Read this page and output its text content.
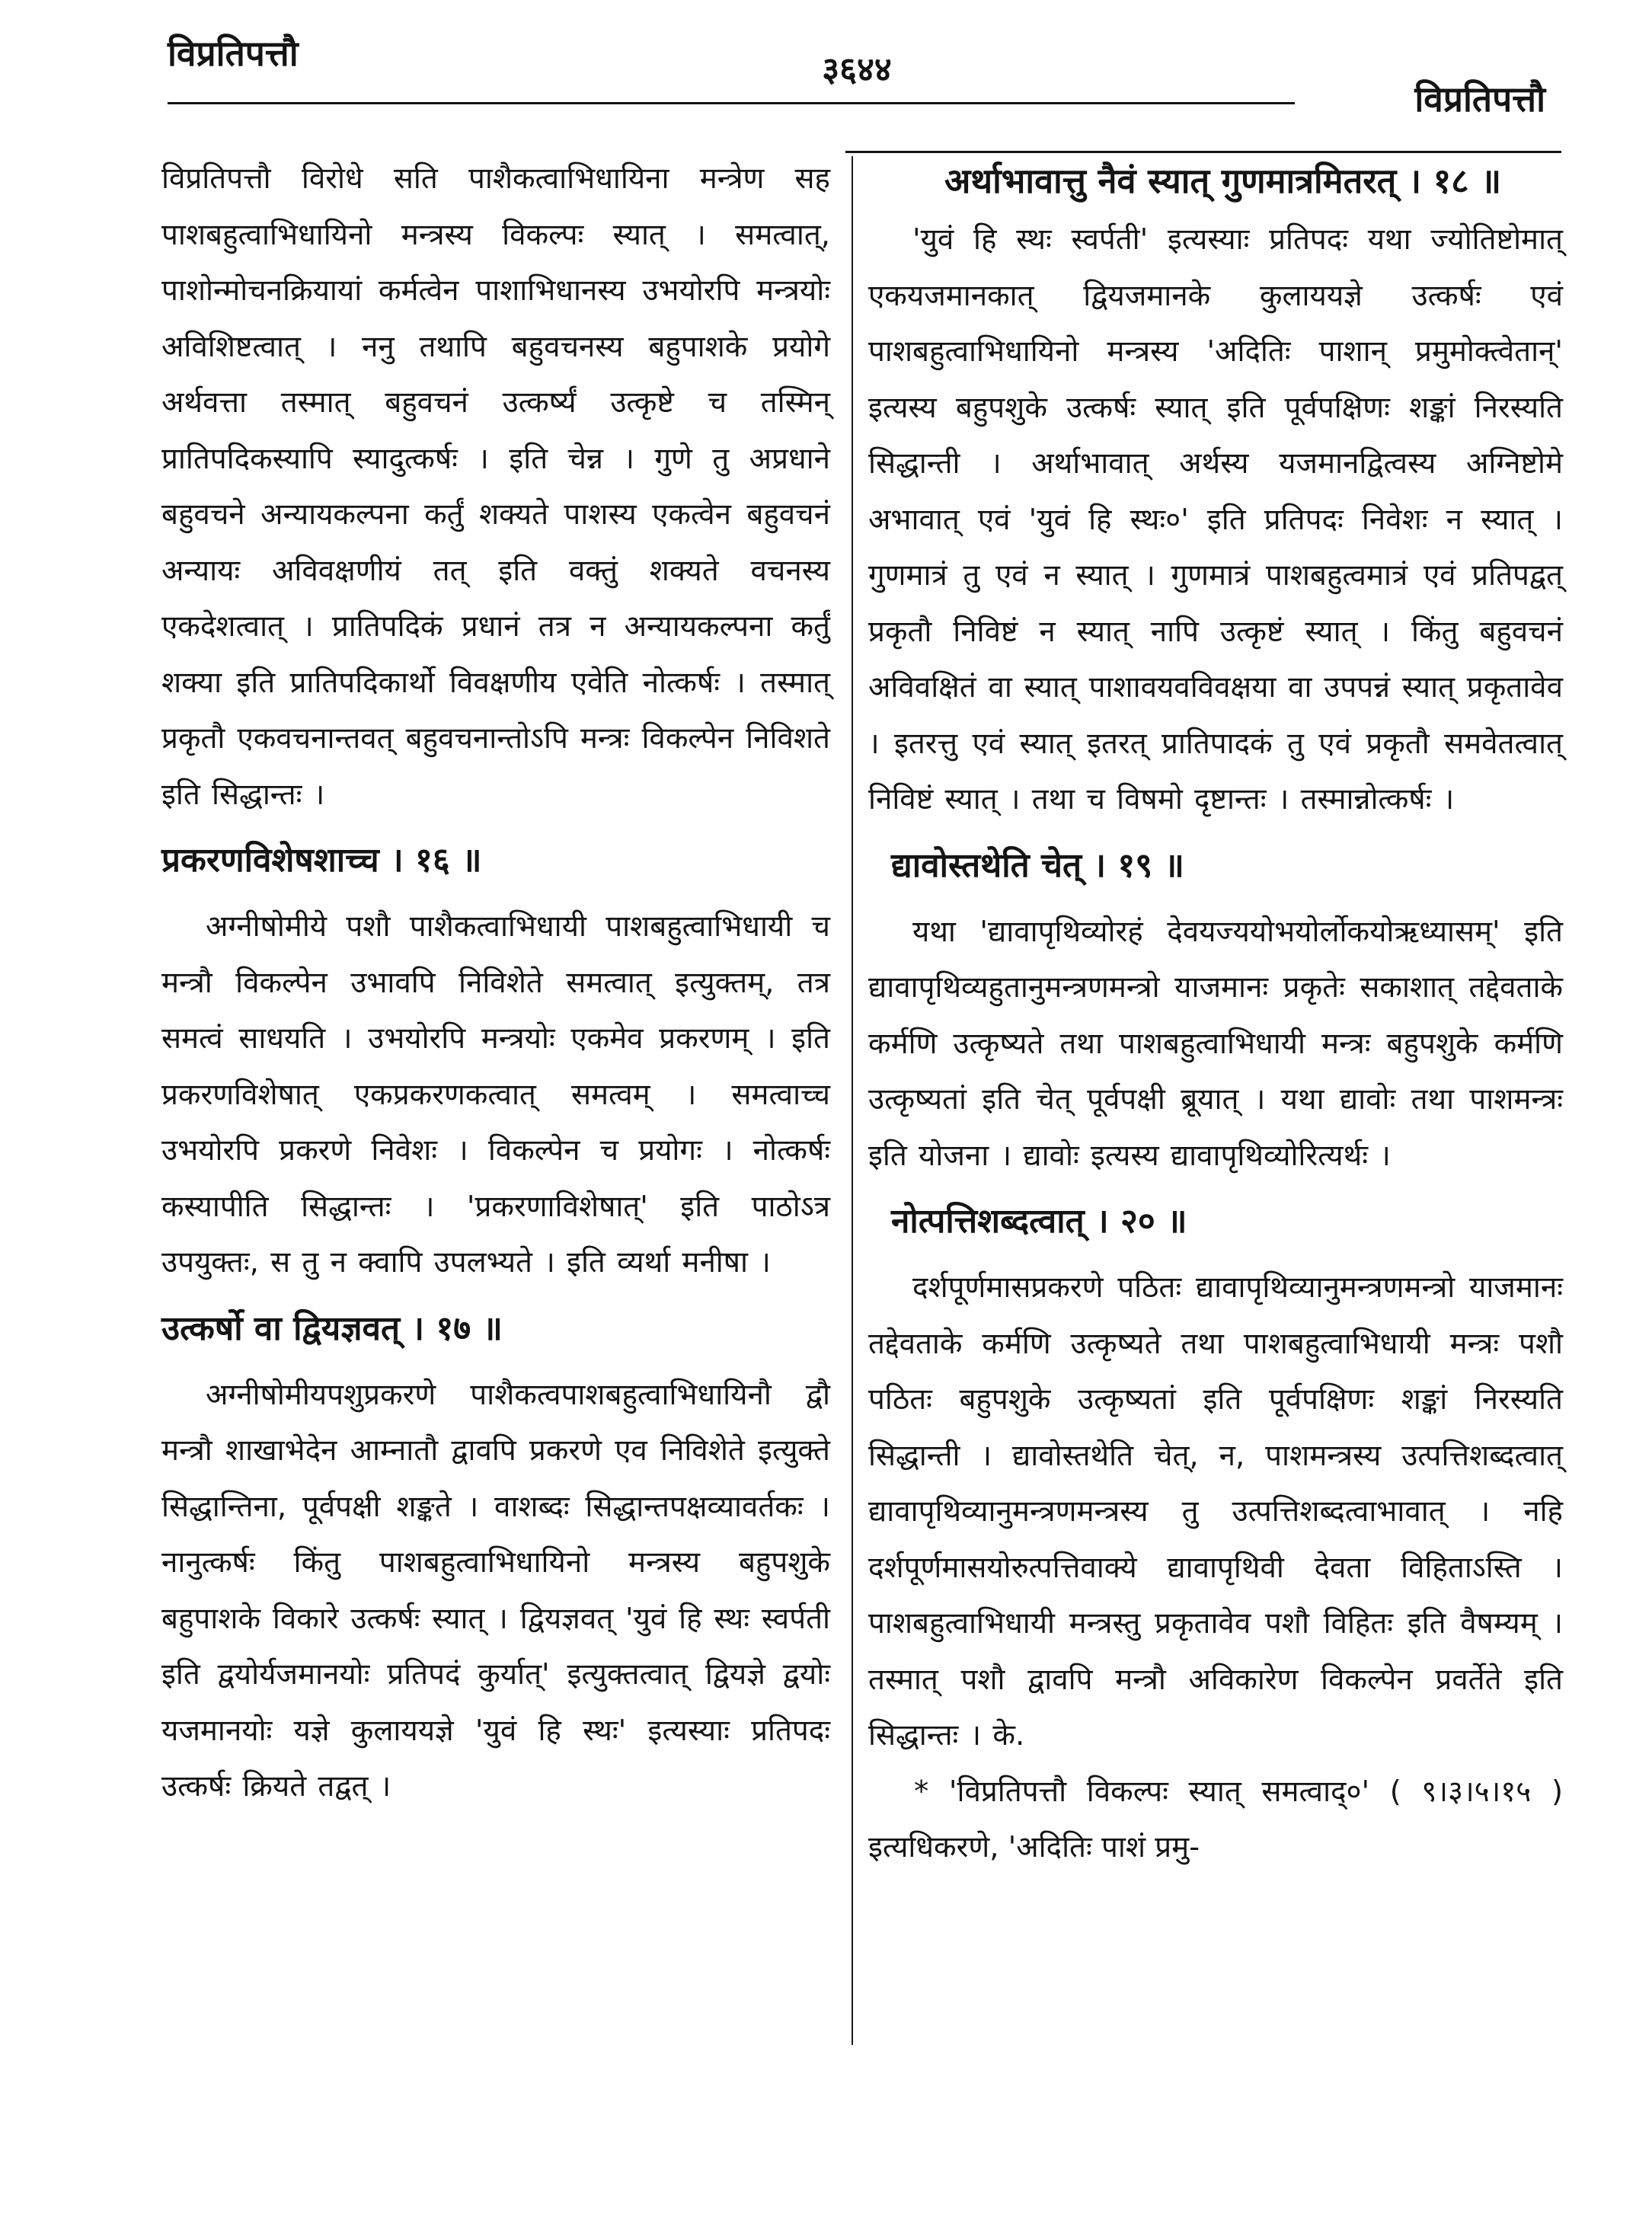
विप्रतिपत्तौ	३६४४
विप्रतिपत्तौ

विप्रतिपत्तौ विरोधे सति पाशैकत्वाभिधायिना मन्त्रेण सह पाशबहुत्वाभिधायिनो मन्त्रस्य विकल्पः स्यात् । समत्वात्, पाशोन्मोचनक्रियायां कर्मत्वेन पाशाभिधानस्य उभयोरपि मन्त्रयोः अविशिष्टत्वात् । ननु तथापि बहुवचनस्य बहुपाशके प्रयोगे अर्थवत्ता तस्मात् बहुवचनं उत्कर्ष्यं उत्कृष्टे च तस्मिन् प्रातिपदिकस्यापि स्यादुत्कर्षः । इति चेन्न । गुणे तु अप्रधाने बहुवचने अन्यायकल्पना कर्तुं शक्यते पाशस्य एकत्वेन बहुवचनं अन्यायः अविवक्षणीयं तत् इति वक्तुं शक्यते वचनस्य एकदेशत्वात् । प्रातिपदिकं प्रधानं तत्र न अन्यायकल्पना कर्तुं शक्या इति प्रातिपदिकार्थो विवक्षणीय एवेति नोत्कर्षः । तस्मात् प्रकृतौ एकवचनान्तवत् बहुवचनान्तोऽपि मन्त्रः विकल्पेन निविशते इति सिद्धान्तः ।

प्रकरणविशेषशाच्च । १६ ॥

अग्नीषोमीये पशौ पाशैकत्वाभिधायी पाशबहुत्वाभिधायी च मन्त्रौ विकल्पेन उभावपि निविशेते समत्वात् इत्युक्तम्, तत्र समत्वं साधयति । उभयोरपि मन्त्रयोः एकमेव प्रकरणम् । इति प्रकरणविशेषात् एकप्रकरणकत्वात् समत्वम् । समत्वाच्च उभयोरपि प्रकरणे निवेशः । विकल्पेन च प्रयोगः । नोत्कर्षः कस्यापीति सिद्धान्तः । 'प्रकरणाविशेषात्' इति पाठोऽत्र उपयुक्तः, स तु न क्वापि उपलभ्यते । इति व्यर्था मनीषा ।

उत्कर्षो वा द्वियज्ञवत् । १७ ॥

अग्नीषोमीयपशुप्रकरणे पाशैकत्वपाशबहुत्वाभिधायिनौ द्वौ मन्त्रौ शाखाभेदेन आम्नातौ द्वावपि प्रकरणे एव निविशेते इत्युक्ते सिद्धान्तिना, पूर्वपक्षी शङ्कते । वाशब्दः सिद्धान्तपक्षव्यावर्तकः । नानुत्कर्षः किंतु पाशबहुत्वाभिधायिनो मन्त्रस्य बहुपशुके बहुपाशके विकारे उत्कर्षः स्यात् । द्वियज्ञवत् 'युवं हि स्थः स्वर्पती इति द्वयोर्यजमानयोः प्रतिपदं कुर्यात्' इत्युक्तत्वात् द्वियज्ञे द्वयोः यजमानयोः यज्ञे कुलाययज्ञे 'युवं हि स्थः' इत्यस्याः प्रतिपदः उत्कर्षः क्रियते तद्वत् ।

अर्थाभावात्तु नैवं स्यात् गुणमात्रमितरत् । १८ ॥

'युवं हि स्थः स्वर्पती' इत्यस्याः प्रतिपदः यथा ज्योतिष्टोमात् एकयजमानकात् द्वियजमानके कुलाययज्ञे उत्कर्षः एवं पाशबहुत्वाभिधायिनो मन्त्रस्य 'अदितिः पाशान् प्रमुमोक्त्वेतान्' इत्यस्य बहुपशुके उत्कर्षः स्यात् इति पूर्वपक्षिणः शङ्कां निरस्यति सिद्धान्ती । अर्थाभावात् अर्थस्य यजमानद्वित्वस्य अग्निष्टोमे अभावात् एवं 'युवं हि स्थः०' इति प्रतिपदः निवेशः न स्यात् । गुणमात्रं तु एवं न स्यात् । गुणमात्रं पाशबहुत्वमात्रं एवं प्रतिपद्वत् प्रकृतौ निविष्टं न स्यात् नापि उत्कृष्टं स्यात् । किंतु बहुवचनं अविवक्षितं वा स्यात् पाशावयवविवक्षया वा उपपन्नं स्यात् प्रकृतावेव । इतरत्तु एवं स्यात् इतरत् प्रातिपादकं तु एवं प्रकृतौ समवेतत्वात् निविष्टं स्यात् । तथा च विषमो दृष्टान्तः । तस्मान्नोत्कर्षः ।

द्यावोस्तथेति चेत् । १९ ॥

यथा 'द्यावापृथिव्योरहं देवयज्ययोभयोर्लोकयोऋध्यासम्' इति द्यावापृथिव्यहुतानुमन्त्रणमन्त्रो याजमानः प्रकृतेः सकाशात् तद्देवताके कर्मणि उत्कृष्यते तथा पाशबहुत्वाभिधायी मन्त्रः बहुपशुके कर्मणि उत्कृष्यतां इति चेत् पूर्वपक्षी ब्रूयात् । यथा द्यावोः तथा पाशमन्त्रः इति योजना । द्यावोः इत्यस्य द्यावापृथिव्योरित्यर्थः ।

नोत्पत्तिशब्दत्वात् । २० ॥

दर्शपूर्णमासप्रकरणे पठितः द्यावापृथिव्यानुमन्त्रणमन्त्रो याजमानः तद्देवताके कर्मणि उत्कृष्यते तथा पाशबहुत्वाभिधायी मन्त्रः पशौ पठितः बहुपशुके उत्कृष्यतां इति पूर्वपक्षिणः शङ्कां निरस्यति सिद्धान्ती । द्यावोस्तथेति चेत्, न, पाशमन्त्रस्य उत्पत्तिशब्दत्वात् द्यावापृथिव्यानुमन्त्रणमन्त्रस्य तु उत्पत्तिशब्दत्वाभावात् । नहि दर्शपूर्णमासयोरुत्पत्तिवाक्ये द्यावापृथिवी देवता विहिताऽस्ति । पाशबहुत्वाभिधायी मन्त्रस्तु प्रकृतावेव पशौ विहितः इति वैषम्यम् । तस्मात् पशौ द्वावपि मन्त्रौ अविकारेण विकल्पेन प्रवर्तेते इति सिद्धान्तः । के.

* 'विप्रतिपत्तौ विकल्पः स्यात् समत्वाद्०' ( ९।३।५।१५ ) इत्यधिकरणे, 'अदितिः पाशं प्रमु-
